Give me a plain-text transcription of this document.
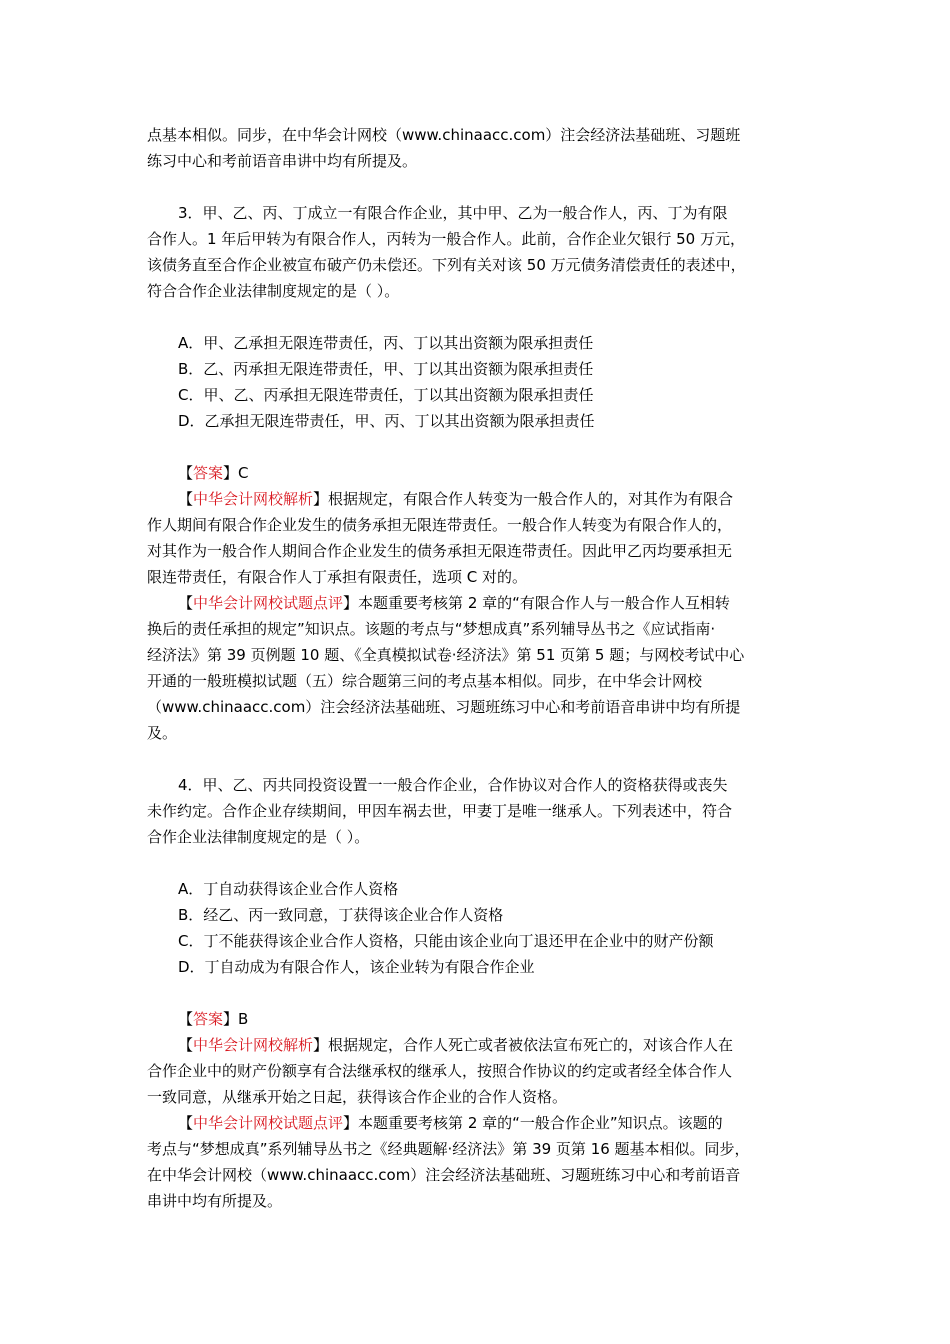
点基本相似。同步，在中华会计网校（www.chinaacc.com）注会经济法基础班、习题班
练习中心和考前语音串讲中均有所提及。
3．甲、乙、丙、丁成立一有限合作企业，其中甲、乙为一般合作人，丙、丁为有限
合作人。1 年后甲转为有限合作人，丙转为一般合作人。此前，合作企业欠银行 50 万元，
该债务直至合作企业被宣布破产仍未偿还。下列有关对该 50 万元债务清偿责任的表述中，
符合合作企业法律制度规定的是（ ）。
A．甲、乙承担无限连带责任，丙、丁以其出资额为限承担责任
B．乙、丙承担无限连带责任，甲、丁以其出资额为限承担责任
C．甲、乙、丙承担无限连带责任，丁以其出资额为限承担责任
D．乙承担无限连带责任，甲、丙、丁以其出资额为限承担责任
【答案】C
【中华会计网校解析】根据规定，有限合作人转变为一般合作人的，对其作为有限合
作人期间有限合作企业发生的债务承担无限连带责任。一般合作人转变为有限合作人的，
对其作为一般合作人期间合作企业发生的债务承担无限连带责任。因此甲乙丙均要承担无
限连带责任，有限合作人丁承担有限责任，选项 C 对的。
【中华会计网校试题点评】本题重要考核第 2 章的“有限合作人与一般合作人互相转
换后的责任承担的规定”知识点。该题的考点与“梦想成真”系列辅导丛书之《应试指南·
经济法》第 39 页例题 10 题、《全真模拟试卷·经济法》第 51 页第 5 题；与网校考试中心
开通的一般班模拟试题（五）综合题第三问的考点基本相似。同步，在中华会计网校
（www.chinaacc.com）注会经济法基础班、习题班练习中心和考前语音串讲中均有所提
及。
4．甲、乙、丙共同投资设置一一般合作企业，合作协议对合作人的资格获得或丧失
未作约定。合作企业存续期间，甲因车祸去世，甲妻丁是唯一继承人。下列表述中，符合
合作企业法律制度规定的是（ ）。
A．丁自动获得该企业合作人资格
B．经乙、丙一致同意，丁获得该企业合作人资格
C．丁不能获得该企业合作人资格，只能由该企业向丁退还甲在企业中的财产份额
D．丁自动成为有限合作人，该企业转为有限合作企业
【答案】B
【中华会计网校解析】根据规定，合作人死亡或者被依法宣布死亡的，对该合作人在
合作企业中的财产份额享有合法继承权的继承人，按照合作协议的约定或者经全体合作人
一致同意，从继承开始之日起，获得该合作企业的合作人资格。
【中华会计网校试题点评】本题重要考核第 2 章的“一般合作企业”知识点。该题的
考点与“梦想成真”系列辅导丛书之《经典题解·经济法》第 39 页第 16 题基本相似。同步，
在中华会计网校（www.chinaacc.com）注会经济法基础班、习题班练习中心和考前语音
串讲中均有所提及。
